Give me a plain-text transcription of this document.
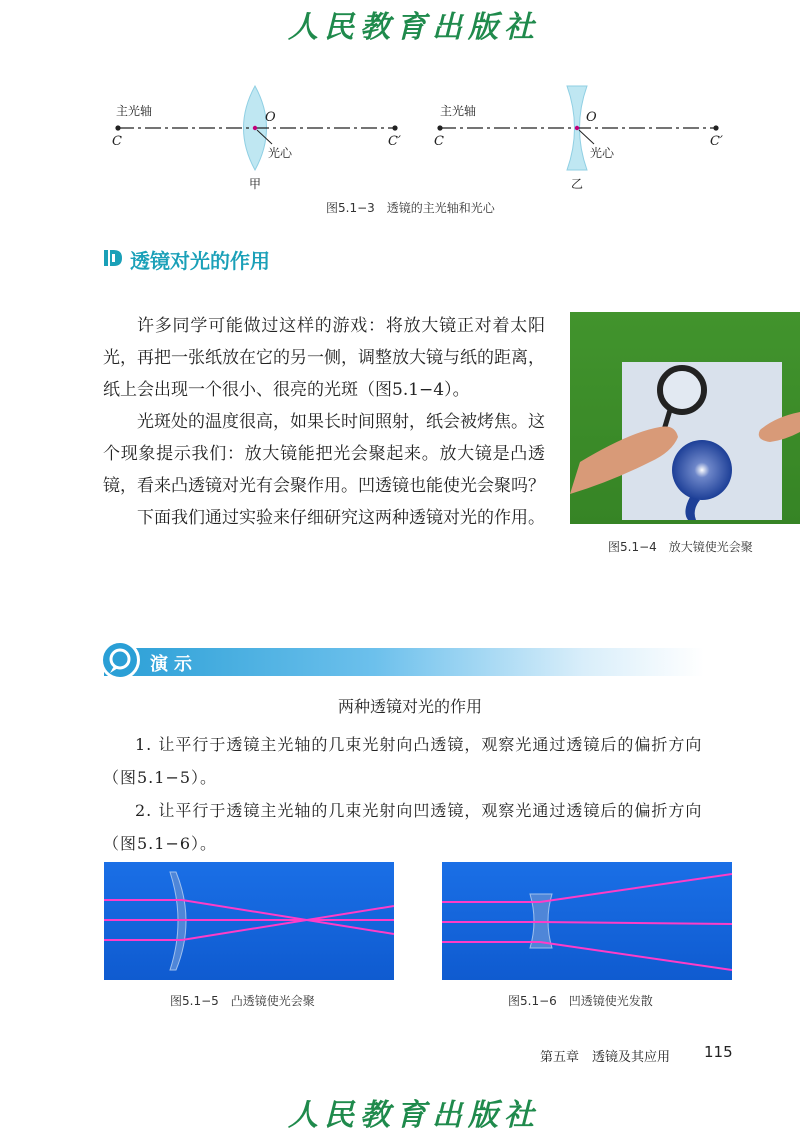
人民教育出版社
主光轴
C
O
C′
光心
甲
主光轴
C
O
C′
光心
乙
图5.1−3　透镜的主光轴和光心
透镜对光的作用

许多同学可能做过这样的游戏：将放大镜正对着太阳光，再把一张纸放在它的另一侧，调整放大镜与纸的距离，纸上会出现一个很小、很亮的光斑（图5.1−4）。

光斑处的温度很高，如果长时间照射，纸会被烤焦。这个现象提示我们：放大镜能把光会聚起来。放大镜是凸透镜，看来凸透镜对光有会聚作用。凹透镜也能使光会聚吗？

下面我们通过实验来仔细研究这两种透镜对光的作用。

图5.1−4　放大镜使光会聚
演示
两种透镜对光的作用

1. 让平行于透镜主光轴的几束光射向凸透镜，观察光通过透镜后的偏折方向（图5.1−5）。

2. 让平行于透镜主光轴的几束光射向凹透镜，观察光通过透镜后的偏折方向（图5.1−6）。

图5.1−5　凸透镜使光会聚	图5.1−6　凹透镜使光发散
第五章　透镜及其应用 115
人民教育出版社
